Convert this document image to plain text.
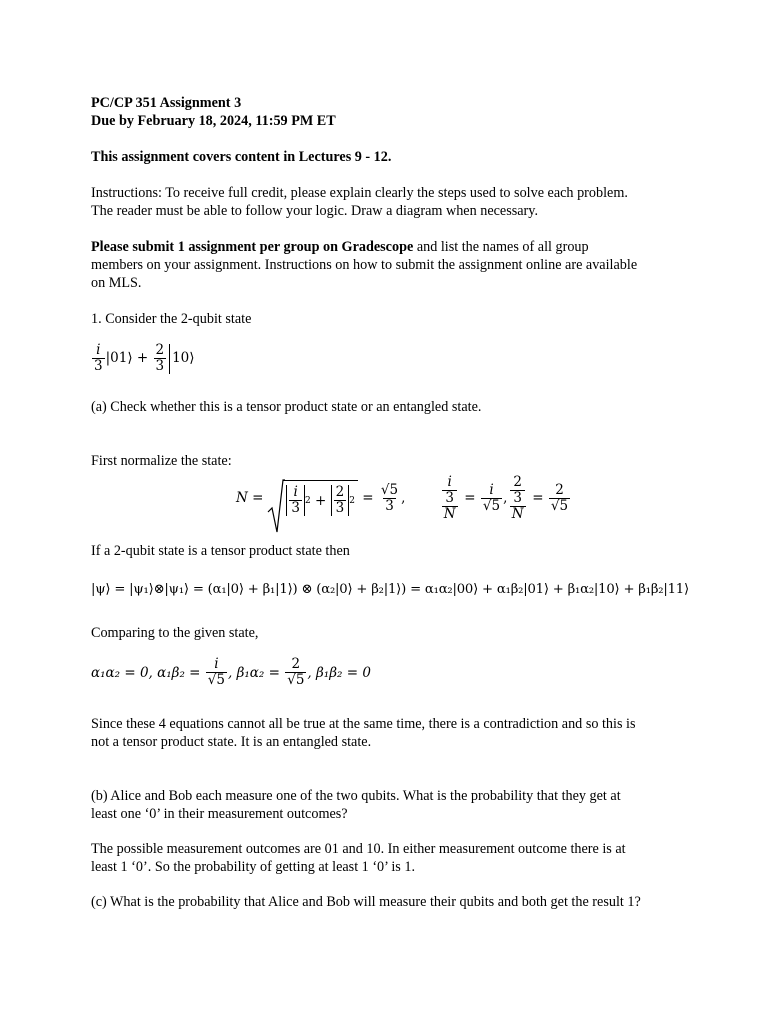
PC/CP 351 Assignment 3
Due by February 18, 2024, 11:59 PM ET
This assignment covers content in Lectures 9 - 12.
Instructions: To receive full credit, please explain clearly the steps used to solve each problem.
The reader must be able to follow your logic. Draw a diagram when necessary.
Please submit 1 assignment per group on Gradescope and list the names of all group
members on your assignment. Instructions on how to submit the assignment online are available
on MLS.
1. Consider the 2-qubit state
$\frac{i}{3}$ |01⟩ + $\frac{2}{3}$ 10⟩
(a) Check whether this is a tensor product state or an entangled state.
First normalize the state:
$N = \frac{i}{3} 2$
+
$\frac{2}{3} 2$
=
$\frac{√5}{3}$ ,	i
3
N
=
$\frac{i}{√5}$ , 2
3
N
=
$\frac{2}{√5}$
If a 2-qubit state is a tensor product state then
|ψ⟩ = |ψ₁⟩⊗|ψ₁⟩ = (α₁|0⟩ + β₁|1⟩) ⊗ (α₂|0⟩ + β₂|1⟩) = α₁α₂|00⟩ + α₁β₂|01⟩ + β₁α₂|10⟩ + β₁β₂|11⟩
Comparing to the given state,
α₁α₂ = 0, α₁β₂ =
$\frac{i}{√5}$ , β₁α₂ =
$\frac{2}{√5}$ , β₁β₂ = 0
Since these 4 equations cannot all be true at the same time, there is a contradiction and so this is
not a tensor product state. It is an entangled state.
(b) Alice and Bob each measure one of the two qubits. What is the probability that they get at
least one ‘0’ in their measurement outcomes?
The possible measurement outcomes are 01 and 10. In either measurement outcome there is at
least 1 ‘0’. So the probability of getting at least 1 ‘0’ is 1.
(c) What is the probability that Alice and Bob will measure their qubits and both get the result 1?
